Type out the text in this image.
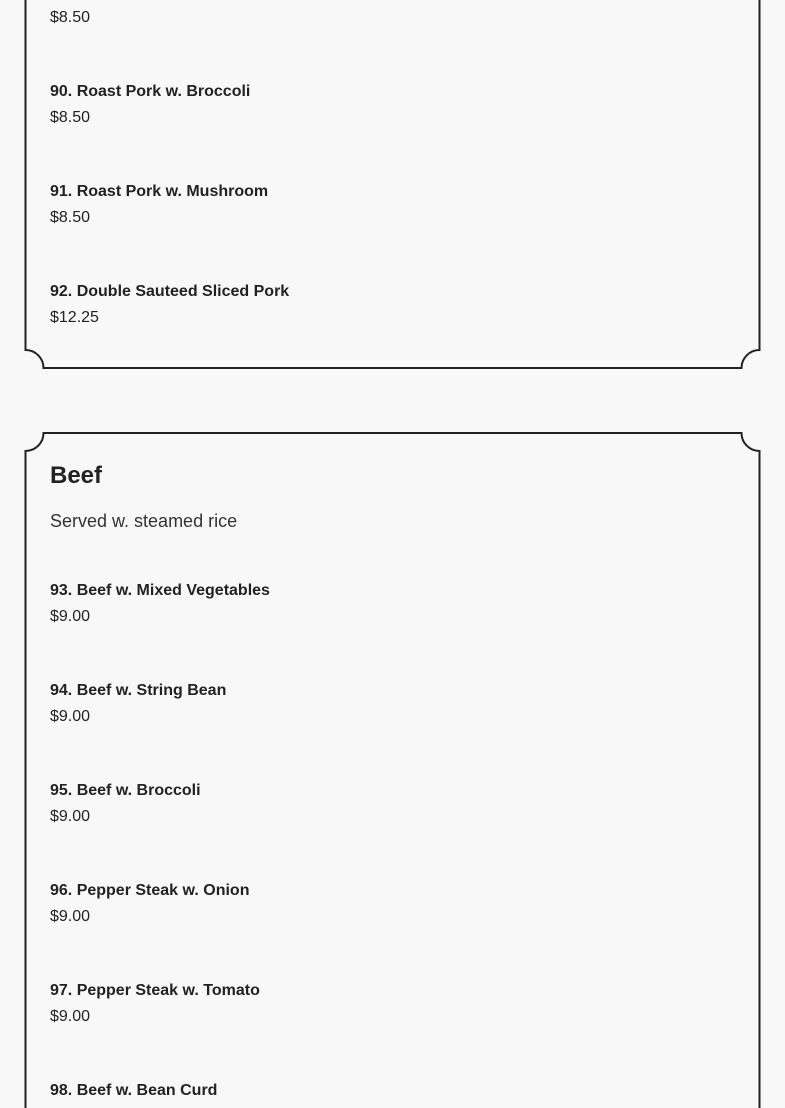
$8.50
90. Roast Pork w. Broccoli
$8.50
91. Roast Pork w. Mushroom
$8.50
92. Double Sauteed Sliced Pork
$12.25
Beef
Served w. steamed rice
93. Beef w. Mixed Vegetables
$9.00
94. Beef w. String Bean
$9.00
95. Beef w. Broccoli
$9.00
96. Pepper Steak w. Onion
$9.00
97. Pepper Steak w. Tomato
$9.00
98. Beef w. Bean Curd
